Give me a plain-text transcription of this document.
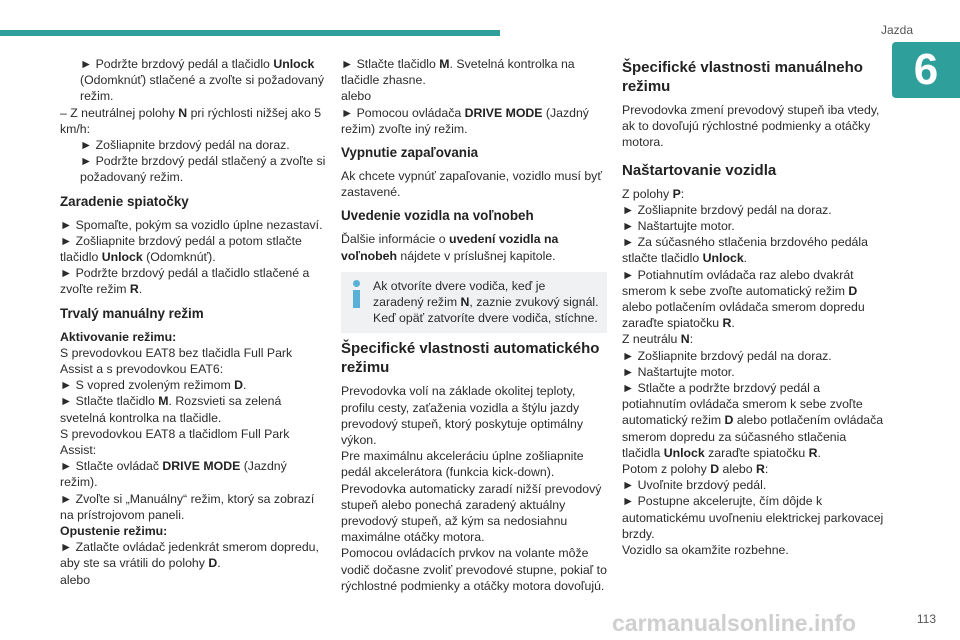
Jazda
6

► Podržte brzdový pedál a tlačidlo Unlock (Odomknúť) stlačené a zvoľte si požadovaný režim.

– Z neutrálnej polohy N pri rýchlosti nižšej ako 5 km/h:

► Zošliapnite brzdový pedál na doraz.

► Podržte brzdový pedál stlačený a zvoľte si požadovaný režim.

Zaradenie spiatočky

► Spomaľte, pokým sa vozidlo úplne nezastaví.

► Zošliapnite brzdový pedál a potom stlačte tlačidlo Unlock (Odomknúť).

► Podržte brzdový pedál a tlačidlo stlačené a zvoľte režim R.

Trvalý manuálny režim

Aktivovanie režimu:

S prevodovkou EAT8 bez tlačidla Full Park Assist a s prevodovkou EAT6:

► S vopred zvoleným režimom D.

► Stlačte tlačidlo M. Rozsvieti sa zelená svetelná kontrolka na tlačidle.

S prevodovkou EAT8 a tlačidlom Full Park Assist:

► Stlačte ovládač DRIVE MODE (Jazdný režim).

► Zvoľte si „Manuálny“ režim, ktorý sa zobrazí na prístrojovom paneli.

Opustenie režimu:

► Zatlačte ovládač jedenkrát smerom dopredu, aby ste sa vrátili do polohy D.

alebo

► Stlačte tlačidlo M. Svetelná kontrolka na tlačidle zhasne.

alebo

► Pomocou ovládača DRIVE MODE (Jazdný režim) zvoľte iný režim.

Vypnutie zapaľovania

Ak chcete vypnúť zapaľovanie, vozidlo musí byť zastavené.

Uvedenie vozidla na voľnobeh

Ďalšie informácie o uvedení vozidla na voľnobeh nájdete v príslušnej kapitole.

Ak otvoríte dvere vodiča, keď je zaradený režim N, zaznie zvukový signál. Keď opäť zatvoríte dvere vodiča, stíchne.

Špecifické vlastnosti automatického režimu

Prevodovka volí na základe okolitej teploty, profilu cesty, zaťaženia vozidla a štýlu jazdy prevodový stupeň, ktorý poskytuje optimálny výkon.

Pre maximálnu akceleráciu úplne zošliapnite pedál akcelerátora (funkcia kick-down). Prevodovka automaticky zaradí nižší prevodový stupeň alebo ponechá zaradený aktuálny prevodový stupeň, až kým sa nedosiahnu maximálne otáčky motora.

Pomocou ovládacích prvkov na volante môže vodič dočasne zvoliť prevodové stupne, pokiaľ to rýchlostné podmienky a otáčky motora dovoľujú.

Špecifické vlastnosti manuálneho režimu

Prevodovka zmení prevodový stupeň iba vtedy, ak to dovoľujú rýchlostné podmienky a otáčky motora.

Naštartovanie vozidla

Z polohy P:

► Zošliapnite brzdový pedál na doraz.

► Naštartujte motor.

► Za súčasného stlačenia brzdového pedála stlačte tlačidlo Unlock.

► Potiahnutím ovládača raz alebo dvakrát smerom k sebe zvoľte automatický režim D alebo potlačením ovládača smerom dopredu zaraďte spiatočku R.

Z neutrálu N:

► Zošliapnite brzdový pedál na doraz.

► Naštartujte motor.

► Stlačte a podržte brzdový pedál a potiahnutím ovládača smerom k sebe zvoľte automatický režim D alebo potlačením ovládača smerom dopredu za súčasného stlačenia tlačidla Unlock zaraďte spiatočku R.

Potom z polohy D alebo R:

► Uvoľnite brzdový pedál.

► Postupne akcelerujte, čím dôjde k automatickému uvoľneniu elektrickej parkovacej brzdy.

Vozidlo sa okamžite rozbehne.

113
carmanualsonline.info
